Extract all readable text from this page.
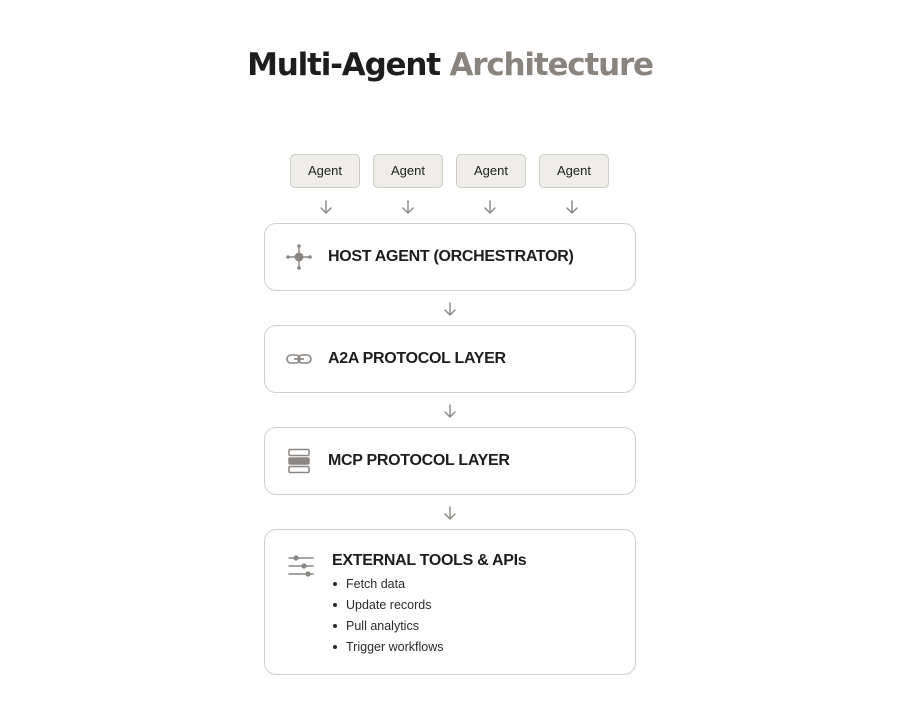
Multi-Agent Architecture
Agent	Agent	Agent	Agent
HOST AGENT (ORCHESTRATOR)
A2A PROTOCOL LAYER
MCP PROTOCOL LAYER
EXTERNAL TOOLS & APIs
Fetch data
Update records
Pull analytics
Trigger workflows
